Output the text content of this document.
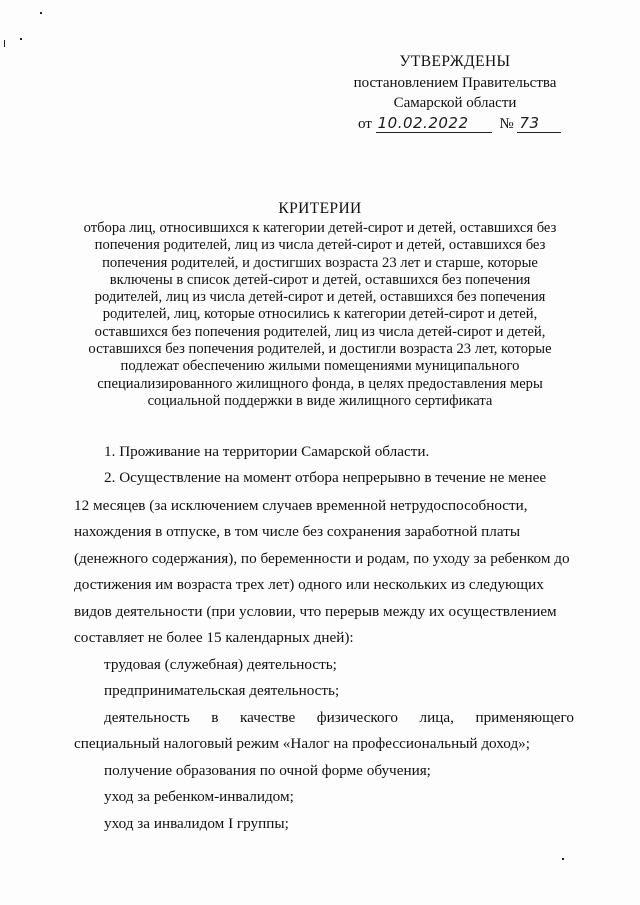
УТВЕРЖДЕНЫ
постановлением Правительства
Самарской области
от 10.02.2022 № 73
КРИТЕРИИ
отбора лиц, относившихся к категории детей-сирот и детей, оставшихся без
попечения родителей, лиц из числа детей-сирот и детей, оставшихся без
попечения родителей, и достигших возраста 23 лет и старше, которые
включены в список детей-сирот и детей, оставшихся без попечения
родителей, лиц из числа детей-сирот и детей, оставшихся без попечения
родителей, лиц, которые относились к категории детей-сирот и детей,
оставшихся без попечения родителей, лиц из числа детей-сирот и детей,
оставшихся без попечения родителей, и достигли возраста 23 лет, которые
подлежат обеспечению жилыми помещениями муниципального
специализированного жилищного фонда, в целях предоставления меры
социальной поддержки в виде жилищного сертификата
1. Проживание на территории Самарской области.
2. Осуществление на момент отбора непрерывно в течение не менее
12 месяцев (за исключением случаев временной нетрудоспособности,
нахождения в отпуске, в том числе без сохранения заработной платы
(денежного содержания), по беременности и родам, по уходу за ребенком до
достижения им возраста трех лет) одного или нескольких из следующих
видов деятельности (при условии, что перерыв между их осуществлением
составляет не более 15 календарных дней):
трудовая (служебная) деятельность;
предпринимательская деятельность;
деятельность в качестве физического лица, применяющего
специальный налоговый режим «Налог на профессиональный доход»;
получение образования по очной форме обучения;
уход за ребенком-инвалидом;
уход за инвалидом I группы;
